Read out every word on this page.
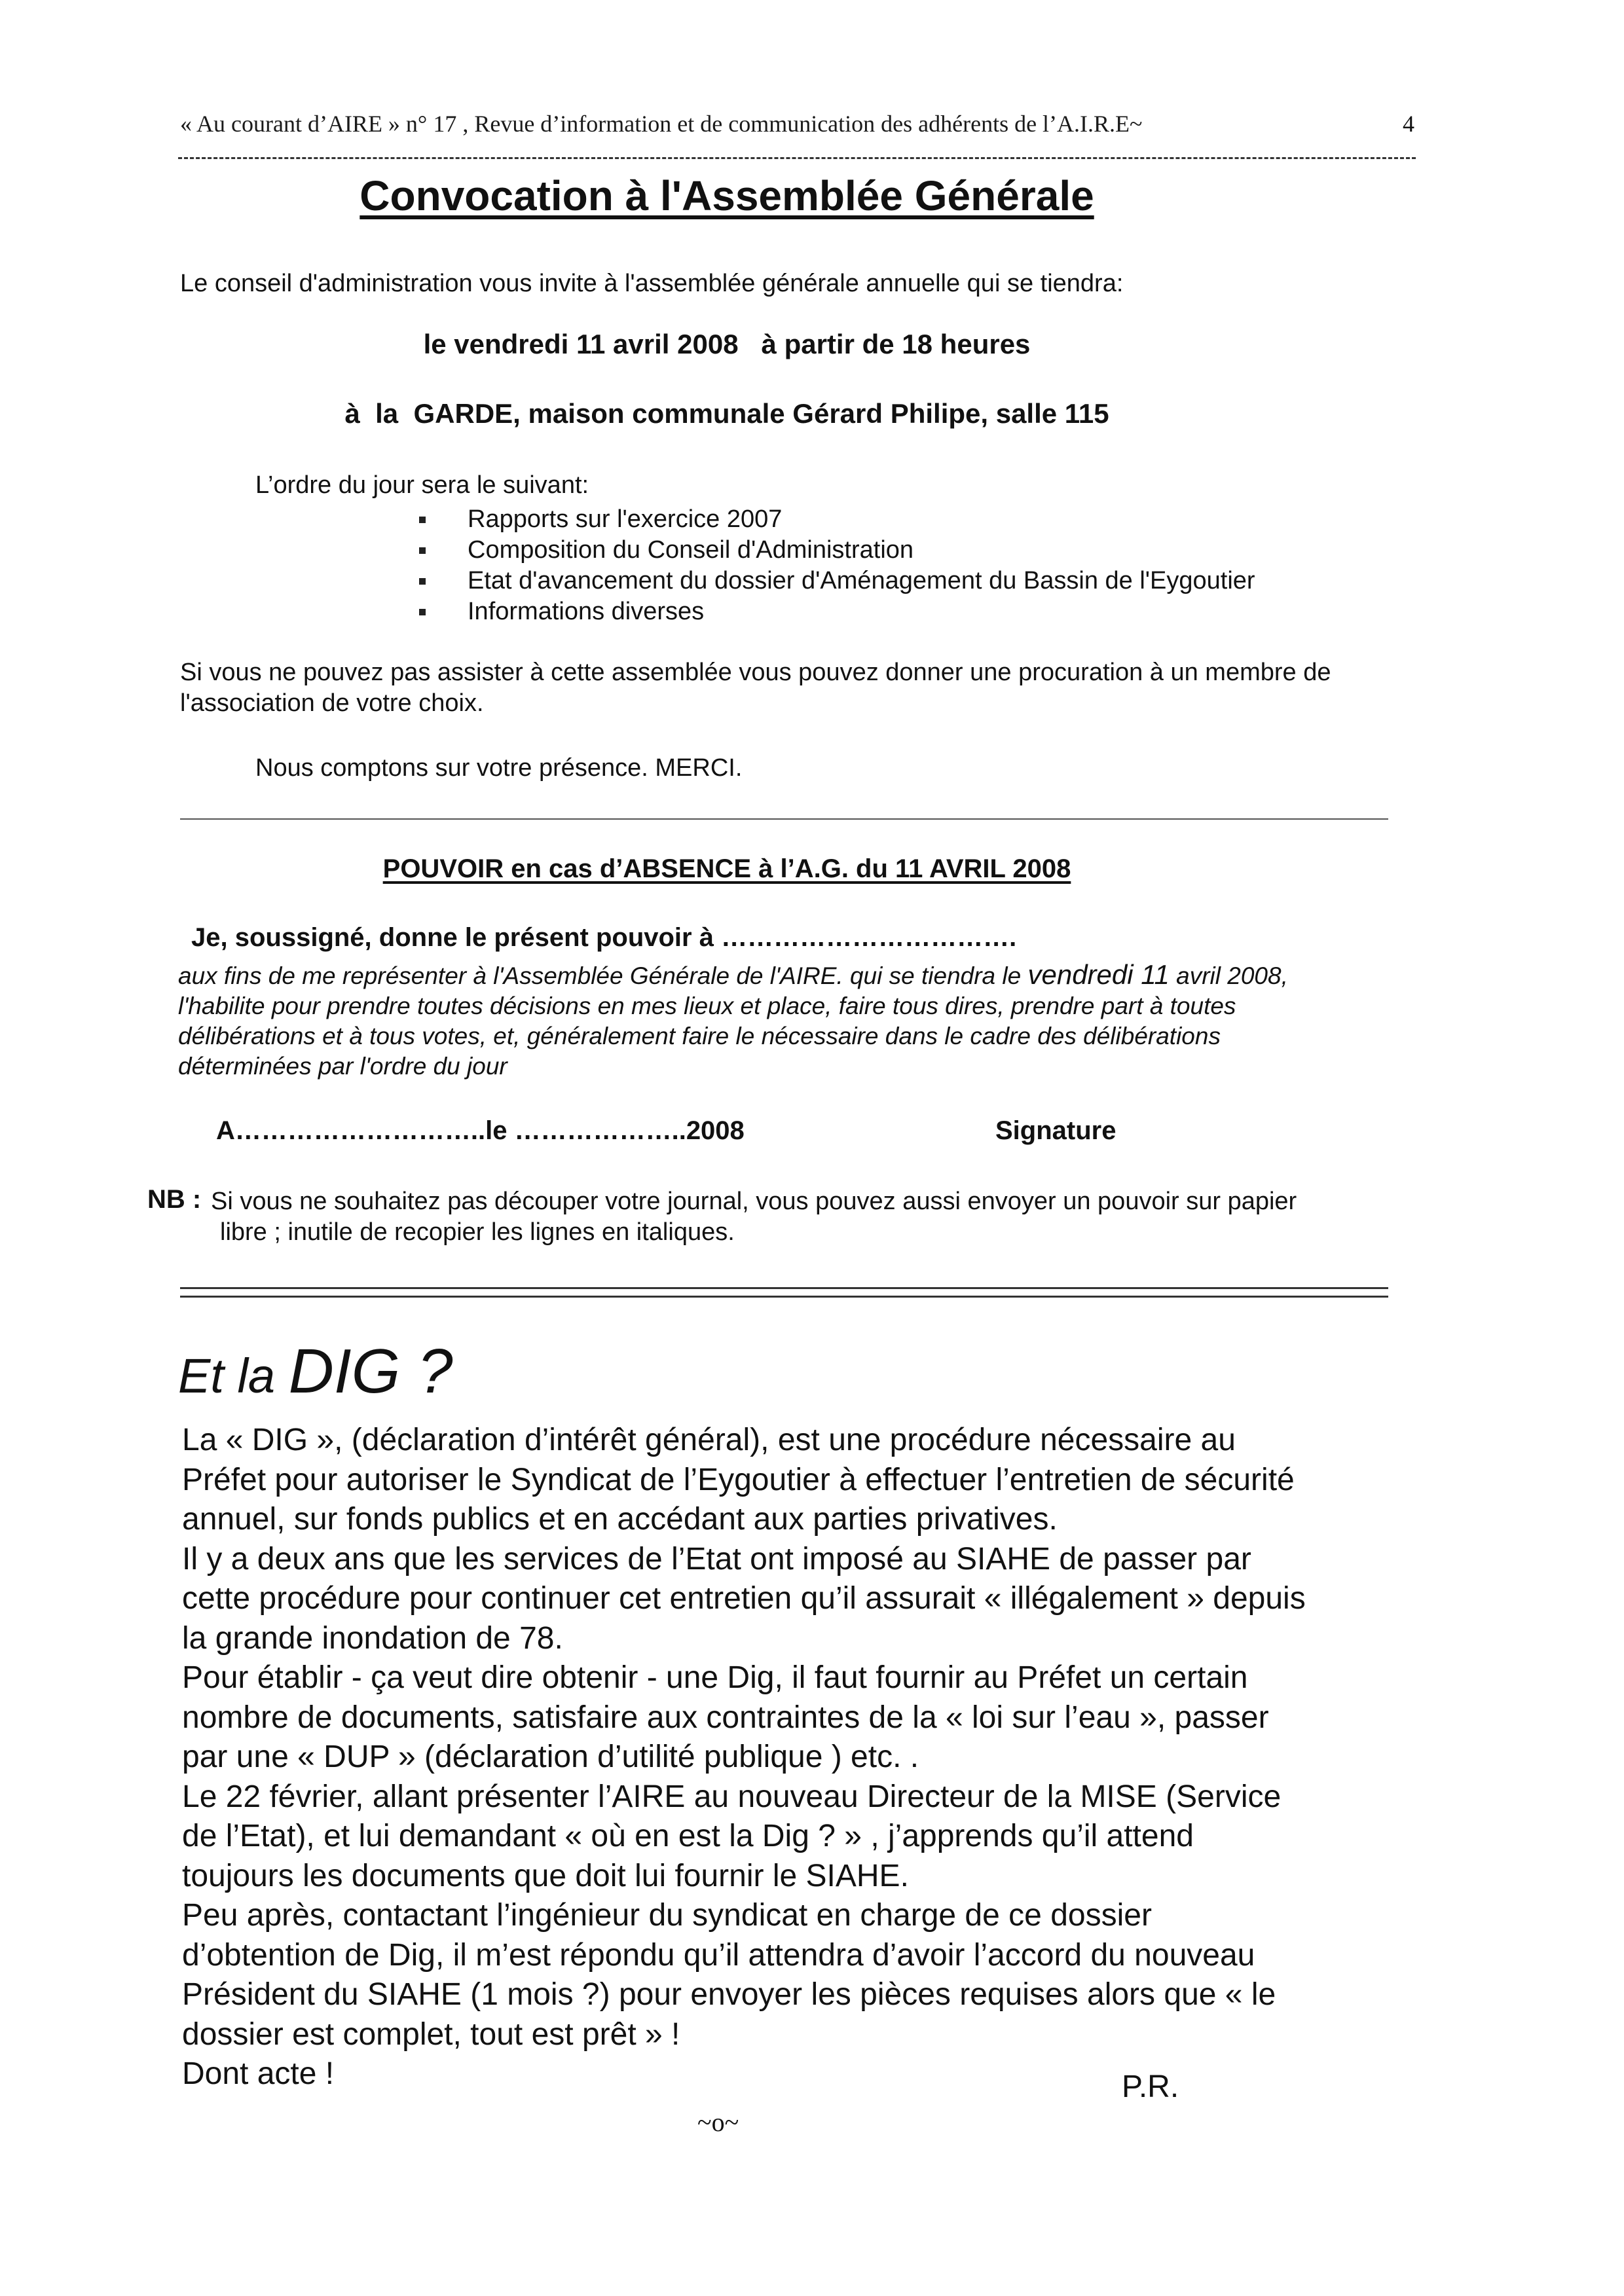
« Au courant d’AIRE » n° 17 , Revue d’information et de communication des adhérents de l’A.I.R.E~	4
Convocation à l'Assemblée Générale
Le conseil d'administration vous invite à l'assemblée générale annuelle qui se tiendra:
le vendredi 11 avril 2008   à partir de 18 heures
à  la  GARDE, maison communale Gérard Philipe, salle 115
L’ordre du jour sera le suivant:
Rapports sur l'exercice 2007
Composition du Conseil d'Administration
Etat d'avancement du dossier d'Aménagement du Bassin de l'Eygoutier
Informations diverses
Si vous ne pouvez pas assister à cette assemblée vous pouvez donner une procuration à un membre de
l'association de votre choix.
Nous comptons sur votre présence. MERCI.
POUVOIR en cas d’ABSENCE à l’A.G. du 11 AVRIL 2008
Je, soussigné, donne le présent pouvoir à …………………………….
aux fins de me représenter à l'Assemblée Générale de l'AIRE. qui se tiendra le vendredi 11 avril 2008,
l'habilite pour prendre toutes décisions en mes lieux et place, faire tous dires, prendre part à toutes
délibérations et à tous votes, et, généralement faire le nécessaire dans le cadre des délibérations
déterminées par l'ordre du jour
A………………………..le ………………..2008	Signature
NB : Si vous ne souhaitez pas découper votre journal, vous pouvez aussi envoyer un pouvoir sur papier
libre ; inutile de recopier les lignes en italiques.
Et la DIG ?

La « DIG », (déclaration d’intérêt général), est une procédure nécessaire au

Préfet pour autoriser le Syndicat de l’Eygoutier à effectuer l’entretien de sécurité

annuel, sur fonds publics et en accédant aux parties privatives.

Il y a deux ans que les services de l’Etat ont imposé au SIAHE de passer par

cette procédure pour continuer cet entretien qu’il assurait « illégalement » depuis

la grande inondation de 78.

Pour établir - ça veut dire obtenir - une Dig, il faut fournir au Préfet un certain

nombre de documents, satisfaire aux contraintes de la « loi sur l’eau », passer

par une « DUP » (déclaration d’utilité publique ) etc. .

Le 22 février, allant présenter l’AIRE au nouveau Directeur de la MISE (Service

de l’Etat), et lui demandant « où en est la Dig ? » , j’apprends qu’il attend

toujours les documents que doit lui fournir le SIAHE.

Peu après, contactant l’ingénieur du syndicat en charge de ce dossier

d’obtention de Dig, il m’est répondu qu’il attendra d’avoir l’accord du nouveau

Président du SIAHE (1 mois ?) pour envoyer les pièces requises alors que « le

dossier est complet, tout est prêt » !

Dont acte !	P.R.
~o~
